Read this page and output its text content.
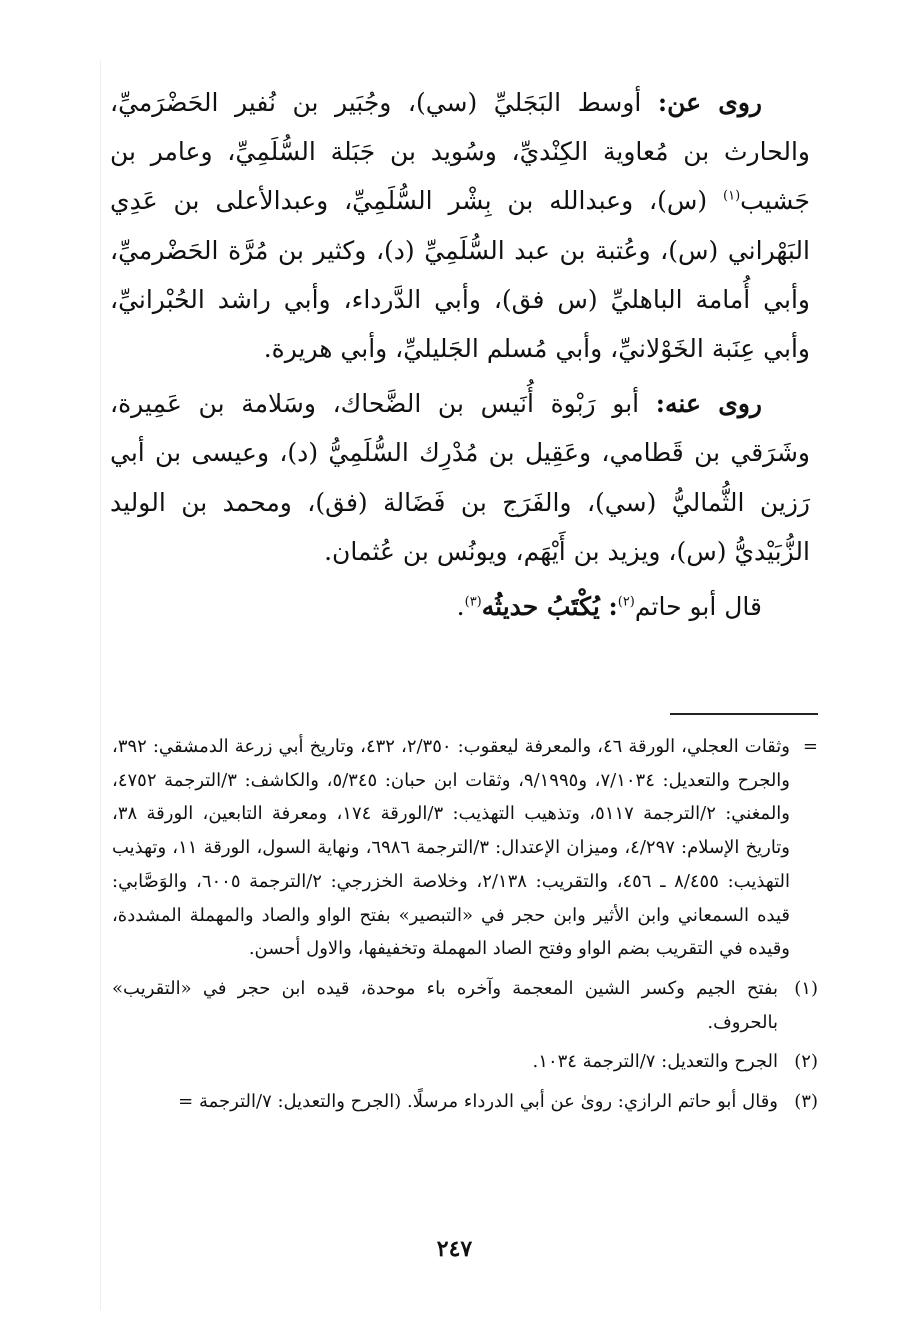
روى عن: أوسط البَجَليِّ (سي)، وجُبَير بن نُفير الحَضْرَميِّ، والحارث بن مُعاوية الكِنْديِّ، وسُويد بن جَبَلة السُّلَمِيِّ، وعامر بن جَشيب$^{(١)}$ (س)، وعبدالله بن بِشْر السُّلَمِيِّ، وعبدالأعلى بن عَدِي البَهْراني (س)، وعُتبة بن عبد السُّلَمِيِّ (د)، وكثير بن مُرَّة الحَضْرميِّ، وأبي أُمامة الباهليِّ (س فق)، وأبي الدَّرداء، وأبي راشد الحُبْرانيِّ، وأبي عِنَبة الخَوْلانيِّ، وأبي مُسلم الجَليليِّ، وأبي هريرة.

روى عنه: أبو رَبْوة أُنَيس بن الضَّحاك، وسَلامة بن عَمِيرة، وشَرَقي بن قَطامي، وعَقِيل بن مُدْرِك السُّلَمِيُّ (د)، وعيسى بن أبي رَزين الثُّماليُّ (سي)، والفَرَج بن فَضَالة (فق)، ومحمد بن الوليد الزُّبَيْديُّ (س)، ويزيد بن أَيْهَم، ويونُس بن عُثمان.

قال أبو حاتم$^{(٢)}$: يُكْتَبُ حديثُه$^{(٣)}$.

=
وثقات العجلي، الورقة ٤٦، والمعرفة ليعقوب: ٢/٣٥٠، ٤٣٢، وتاريخ أبي زرعة الدمشقي: ٣٩٢، والجرح والتعديل: ٧/١٠٣٤، و٩/١٩٩٥، وثقات ابن حبان: ٥/٣٤٥، والكاشف: ٣/الترجمة ٤٧٥٢، والمغني: ٢/الترجمة ٥١١٧، وتذهيب التهذيب: ٣/الورقة ١٧٤، ومعرفة التابعين، الورقة ٣٨، وتاريخ الإسلام: ٤/٢٩٧، وميزان الإعتدال: ٣/الترجمة ٦٩٨٦، ونهاية السول، الورقة ١١، وتهذيب التهذيب: ٨/٤٥٥ ـ ٤٥٦، والتقريب: ٢/١٣٨، وخلاصة الخزرجي: ٢/الترجمة ٦٠٠٥، والوَصَّابي: قيده السمعاني وابن الأثير وابن حجر في «التبصير» بفتح الواو والصاد والمهملة المشددة، وقيده في التقريب بضم الواو وفتح الصاد المهملة وتخفيفها، والاول أحسن.
(١)
بفتح الجيم وكسر الشين المعجمة وآخره باء موحدة، قيده ابن حجر في «التقريب» بالحروف.
(٢)
الجرح والتعديل: ٧/الترجمة ١٠٣٤.
(٣)
وقال أبو حاتم الرازي: روىٰ عن أبي الدرداء مرسلًا. (الجرح والتعديل: ٧/الترجمة =
٢٤٧
